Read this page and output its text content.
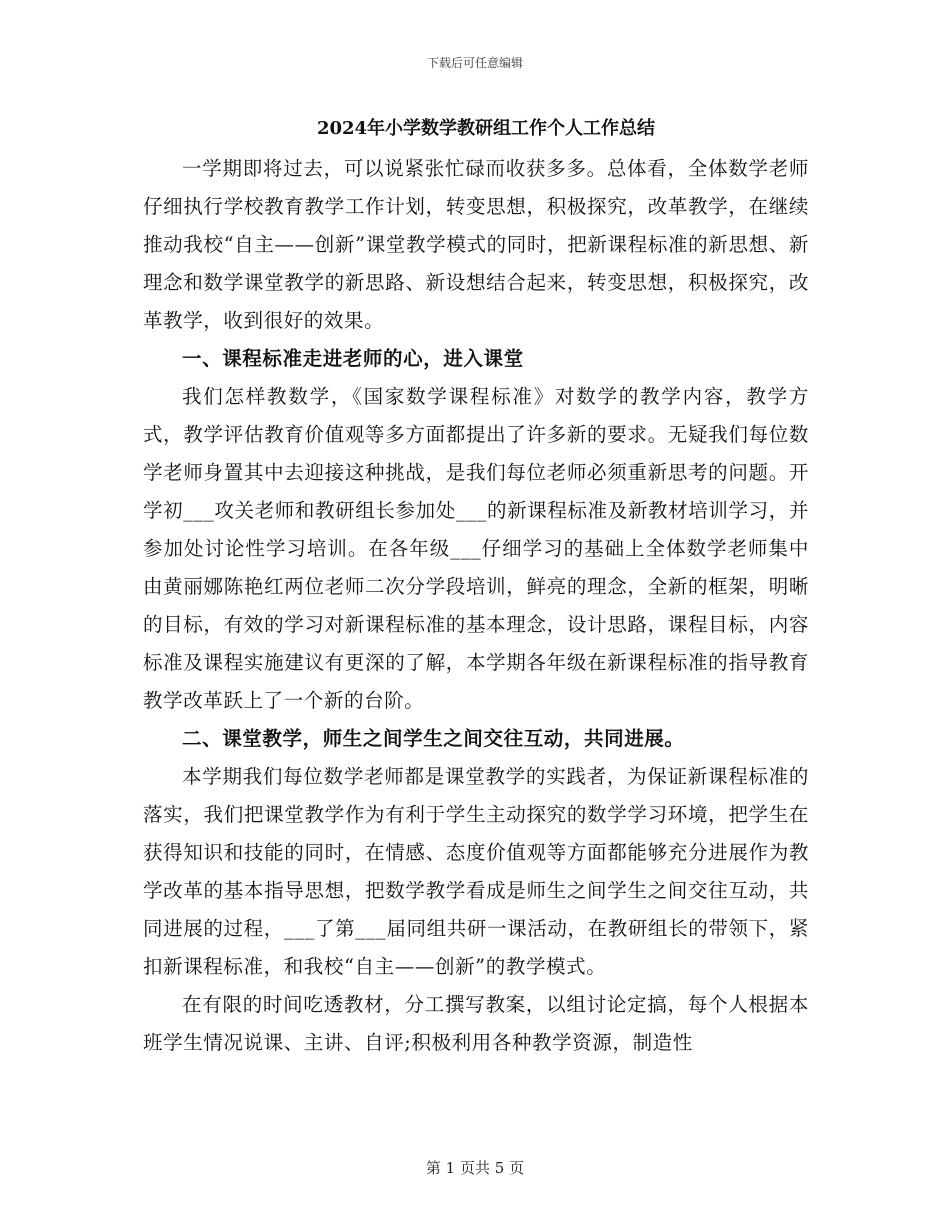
下载后可任意编辑
2024年小学数学教研组工作个人工作总结

一学期即将过去，可以说紧张忙碌而收获多多。总体看，全体数学老师仔细执行学校教育教学工作计划，转变思想，积极探究，改革教学，在继续推动我校“自主——创新”课堂教学模式的同时，把新课程标准的新思想、新理念和数学课堂教学的新思路、新设想结合起来，转变思想，积极探究，改革教学，收到很好的效果。

一、课程标准走进老师的心，进入课堂

我们怎样教数学，《国家数学课程标准》对数学的教学内容，教学方式，教学评估教育价值观等多方面都提出了许多新的要求。无疑我们每位数学老师身置其中去迎接这种挑战，是我们每位老师必须重新思考的问题。开学初___攻关老师和教研组长参加处___的新课程标准及新教材培训学习，并参加处讨论性学习培训。在各年级___仔细学习的基础上全体数学老师集中由黄丽娜陈艳红两位老师二次分学段培训，鲜亮的理念，全新的框架，明晰的目标，有效的学习对新课程标准的基本理念，设计思路，课程目标，内容标准及课程实施建议有更深的了解，本学期各年级在新课程标准的指导教育教学改革跃上了一个新的台阶。

二、课堂教学，师生之间学生之间交往互动，共同进展。

本学期我们每位数学老师都是课堂教学的实践者，为保证新课程标准的落实，我们把课堂教学作为有利于学生主动探究的数学学习环境，把学生在获得知识和技能的同时，在情感、态度价值观等方面都能够充分进展作为教学改革的基本指导思想，把数学教学看成是师生之间学生之间交往互动，共同进展的过程，___了第___届同组共研一课活动，在教研组长的带领下，紧扣新课程标准，和我校“自主——创新”的教学模式。

在有限的时间吃透教材，分工撰写教案，以组讨论定搞，每个人根据本班学生情况说课、主讲、自评;积极利用各种教学资源，制造性

第 1 页共 5 页
